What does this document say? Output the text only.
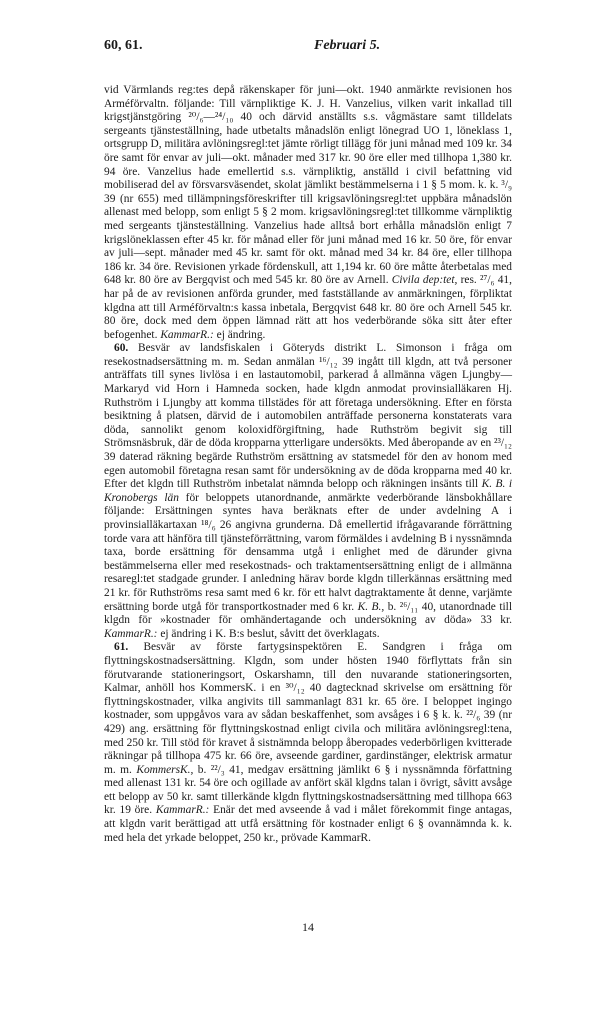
60, 61.	Februari 5.

vid Värmlands reg:tes depå räkenskaper för juni—okt. 1940 anmärkte revisionen hos Arméförvaltn. följande: Till värnpliktige K. J. H. Vanzelius, vilken varit inkallad till krigstjänstgöring ²⁰/₆—²⁴/₁₀ 40 och därvid anställts s.s. vågmästare samt tilldelats sergeants tjänsteställning, hade utbetalts månadslön enligt lönegrad UO 1, löneklass 1, ortsgrupp D, militära avlöningsregl:tet jämte rörligt tillägg för juni månad med 109 kr. 34 öre samt för envar av juli—okt. månader med 317 kr. 90 öre eller med tillhopa 1,380 kr. 94 öre. Vanzelius hade emellertid s.s. värnpliktig, anställd i civil befattning vid mobiliserad del av försvarsväsendet, skolat jämlikt bestämmelserna i 1 § 5 mom. k. k. ³/₉ 39 (nr 655) med tillämpningsföreskrifter till krigsavlöningsregl:tet uppbära månadslön allenast med belopp, som enligt 5 § 2 mom. krigsavlöningsregl:tet tillkomme värnpliktig med sergeants tjänsteställning. Vanzelius hade alltså bort erhålla månadslön enligt 7 krigslöneklassen efter 45 kr. för månad eller för juni månad med 16 kr. 50 öre, för envar av juli—sept. månader med 45 kr. samt för okt. månad med 34 kr. 84 öre, eller tillhopa 186 kr. 34 öre. Revisionen yrkade fördenskull, att 1,194 kr. 60 öre måtte återbetalas med 648 kr. 80 öre av Bergqvist och med 545 kr. 80 öre av Arnell. Civila dep:tet, res. ²⁷/₆ 41, har på de av revisionen anförda grunder, med fastställande av anmärkningen, förpliktat klgdna att till Arméförvaltn:s kassa inbetala, Bergqvist 648 kr. 80 öre och Arnell 545 kr. 80 öre, dock med dem öppen lämnad rätt att hos vederbörande söka sitt åter efter befogenhet. KammarR.: ej ändring.

60. Besvär av landsfiskalen i Göteryds distrikt L. Simonson i fråga om resekostnadsersättning m. m. Sedan anmälan ¹⁶/₁₂ 39 ingått till klgdn, att två personer anträffats till synes livlösa i en lastautomobil, parkerad å allmänna vägen Ljungby—Markaryd vid Horn i Hamneda socken, hade klgdn anmodat provinsialläkaren Hj. Ruthström i Ljungby att komma tillstädes för att företaga undersökning. Efter en första besiktning å platsen, därvid de i automobilen anträffade personerna konstaterats vara döda, sannolikt genom koloxidförgiftning, hade Ruthström begivit sig till Strömsnäsbruk, där de döda kropparna ytterligare undersökts. Med åberopande av en ²³/₁₂ 39 daterad räkning begärde Ruthström ersättning av statsmedel för den av honom med egen automobil företagna resan samt för undersökning av de döda kropparna med 40 kr. Efter det klgdn till Ruthström inbetalat nämnda belopp och räkningen insänts till K. B. i Kronobergs län för beloppets utanordnande, anmärkte vederbörande länsbokhållare följande: Ersättningen syntes hava beräknats efter de under avdelning A i provinsialläkartaxan ¹⁸/₆ 26 angivna grunderna. Då emellertid ifrågavarande förrättning torde vara att hänföra till tjänsteförrättning, varom förmäldes i avdelning B i nyssnämnda taxa, borde ersättning för densamma utgå i enlighet med de därunder givna bestämmelserna eller med resekostnads- och traktamentsersättning enligt de i allmänna resaregl:tet stadgade grunder. I anledning härav borde klgdn tillerkännas ersättning med 21 kr. för Ruthströms resa samt med 6 kr. för ett halvt dagtraktamente åt denne, varjämte ersättning borde utgå för transportkostnader med 6 kr. K. B., b. ²⁶/₁₁ 40, utanordnade till klgdn för »kostnader för omhändertagande och undersökning av döda» 33 kr. KammarR.: ej ändring i K. B:s beslut, såvitt det överklagats.

61. Besvär av förste fartygsinspektören E. Sandgren i fråga om flyttningskostnadsersättning. Klgdn, som under hösten 1940 förflyttats från sin förutvarande stationeringsort, Oskarshamn, till den nuvarande stationeringsorten, Kalmar, anhöll hos KommersK. i en ³⁰/₁₂ 40 dagtecknad skrivelse om ersättning för flyttningskostnader, vilka angivits till sammanlagt 831 kr. 65 öre. I beloppet ingingo kostnader, som uppgåvos vara av sådan beskaffenhet, som avsåges i 6 § k. k. ²²/₆ 39 (nr 429) ang. ersättning för flyttningskostnad enligt civila och militära avlöningsregl:tena, med 250 kr. Till stöd för kravet å sistnämnda belopp åberopades vederbörligen kvitterade räkningar på tillhopa 475 kr. 66 öre, avseende gardiner, gardinstänger, elektrisk armatur m. m. KommersK., b. ²²/₃ 41, medgav ersättning jämlikt 6 § i nyssnämnda författning med allenast 131 kr. 54 öre och ogillade av anfört skäl klgdns talan i övrigt, såvitt avsåge ett belopp av 50 kr. samt tillerkände klgdn flyttningskostnadsersättning med tillhopa 663 kr. 19 öre. KammarR.: Enär det med avseende å vad i målet förekommit finge antagas, att klgdn varit berättigad att utfå ersättning för kostnader enligt 6 § ovannämnda k. k. med hela det yrkade beloppet, 250 kr., prövade KammarR.

14
